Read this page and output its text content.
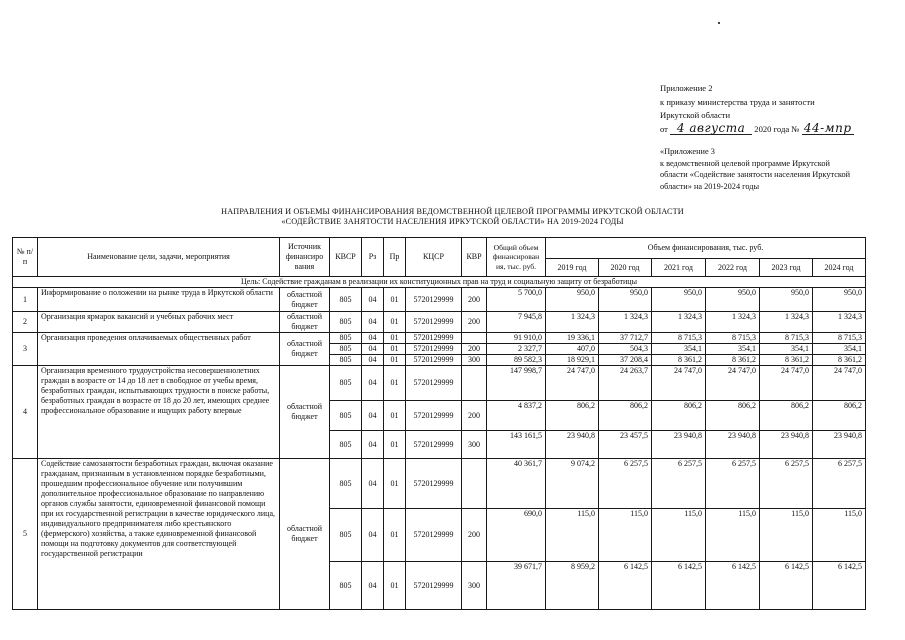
Приложение 2
к приказу министерства труда и занятости
Иркутской области
от 4 августа 2020 года № 44-мпр
«Приложение 3
к ведомственной целевой программе Иркутской
области «Содействие занятости населения Иркутской
области» на 2019-2024 годы
НАПРАВЛЕНИЯ И ОБЪЕМЫ ФИНАНСИРОВАНИЯ ВЕДОМСТВЕННОЙ ЦЕЛЕВОЙ ПРОГРАММЫ ИРКУТСКОЙ ОБЛАСТИ
«СОДЕЙСТВИЕ ЗАНЯТОСТИ НАСЕЛЕНИЯ ИРКУТСКОЙ ОБЛАСТИ» НА 2019-2024 ГОДЫ
№ п/п	Наименование цели, задачи, мероприятия	Источник финансиро вания	КВСР	Рз	Пр	КЦСР	КВР	Общий объем финансирован ия, тыс. руб.	Объем финансирования, тыс. руб.					
									2019 год	2020 год	2021 год	2022 год	2023 год	2024 год
Цель: Содействие гражданам в реализации их конституционных прав на труд и социальную защиту от безработицы														
1	Информирование о положении на рынке труда в Иркутской области	областной бюджет	805	04	01	5720129999	200	5 700,0	950,0	950,0	950,0	950,0	950,0	950,0
2	Организация ярмарок вакансий и учебных рабочих мест	областной бюджет	805	04	01	5720129999	200	7 945,8	1 324,3	1 324,3	1 324,3	1 324,3	1 324,3	1 324,3
3	Организация проведения оплачиваемых общественных работ	областной бюджет	805	04	01	5720129999		91 910,0	19 336,1	37 712,7	8 715,3	8 715,3	8 715,3	8 715,3
			805	04	01	5720129999	200	2 327,7	407,0	504,3	354,1	354,1	354,1	354,1
			805	04	01	5720129999	300	89 582,3	18 929,1	37 208,4	8 361,2	8 361,2	8 361,2	8 361,2
4	Организация временного трудоустройства несовершеннолетних граждан в возрасте от 14 до 18 лет в свободное от учебы время, безработных граждан, испытывающих трудности в поиске работы, безработных граждан в возрасте от 18 до 20 лет, имеющих среднее профессиональное образование и ищущих работу впервые	областной бюджет	805	04	01	5720129999		147 998,7	24 747,0	24 263,7	24 747,0	24 747,0	24 747,0	24 747,0
			805	04	01	5720129999	200	4 837,2	806,2	806,2	806,2	806,2	806,2	806,2
			805	04	01	5720129999	300	143 161,5	23 940,8	23 457,5	23 940,8	23 940,8	23 940,8	23 940,8
5	Содействие самозанятости безработных граждан, включая оказание гражданам, признанным в установленном порядке безработными, прошедшим профессиональное обучение или получившим дополнительное профессиональное образование по направлению органов службы занятости, единовременной финансовой помощи при их государственной регистрации в качестве юридического лица, индивидуального предпринимателя либо крестьянского (фермерского) хозяйства, а также единовременной финансовой помощи на подготовку документов для соответствующей государственной регистрации	областной бюджет	805	04	01	5720129999		40 361,7	9 074,2	6 257,5	6 257,5	6 257,5	6 257,5	6 257,5
			805	04	01	5720129999	200	690,0	115,0	115,0	115,0	115,0	115,0	115,0
			805	04	01	5720129999	300	39 671,7	8 959,2	6 142,5	6 142,5	6 142,5	6 142,5	6 142,5
